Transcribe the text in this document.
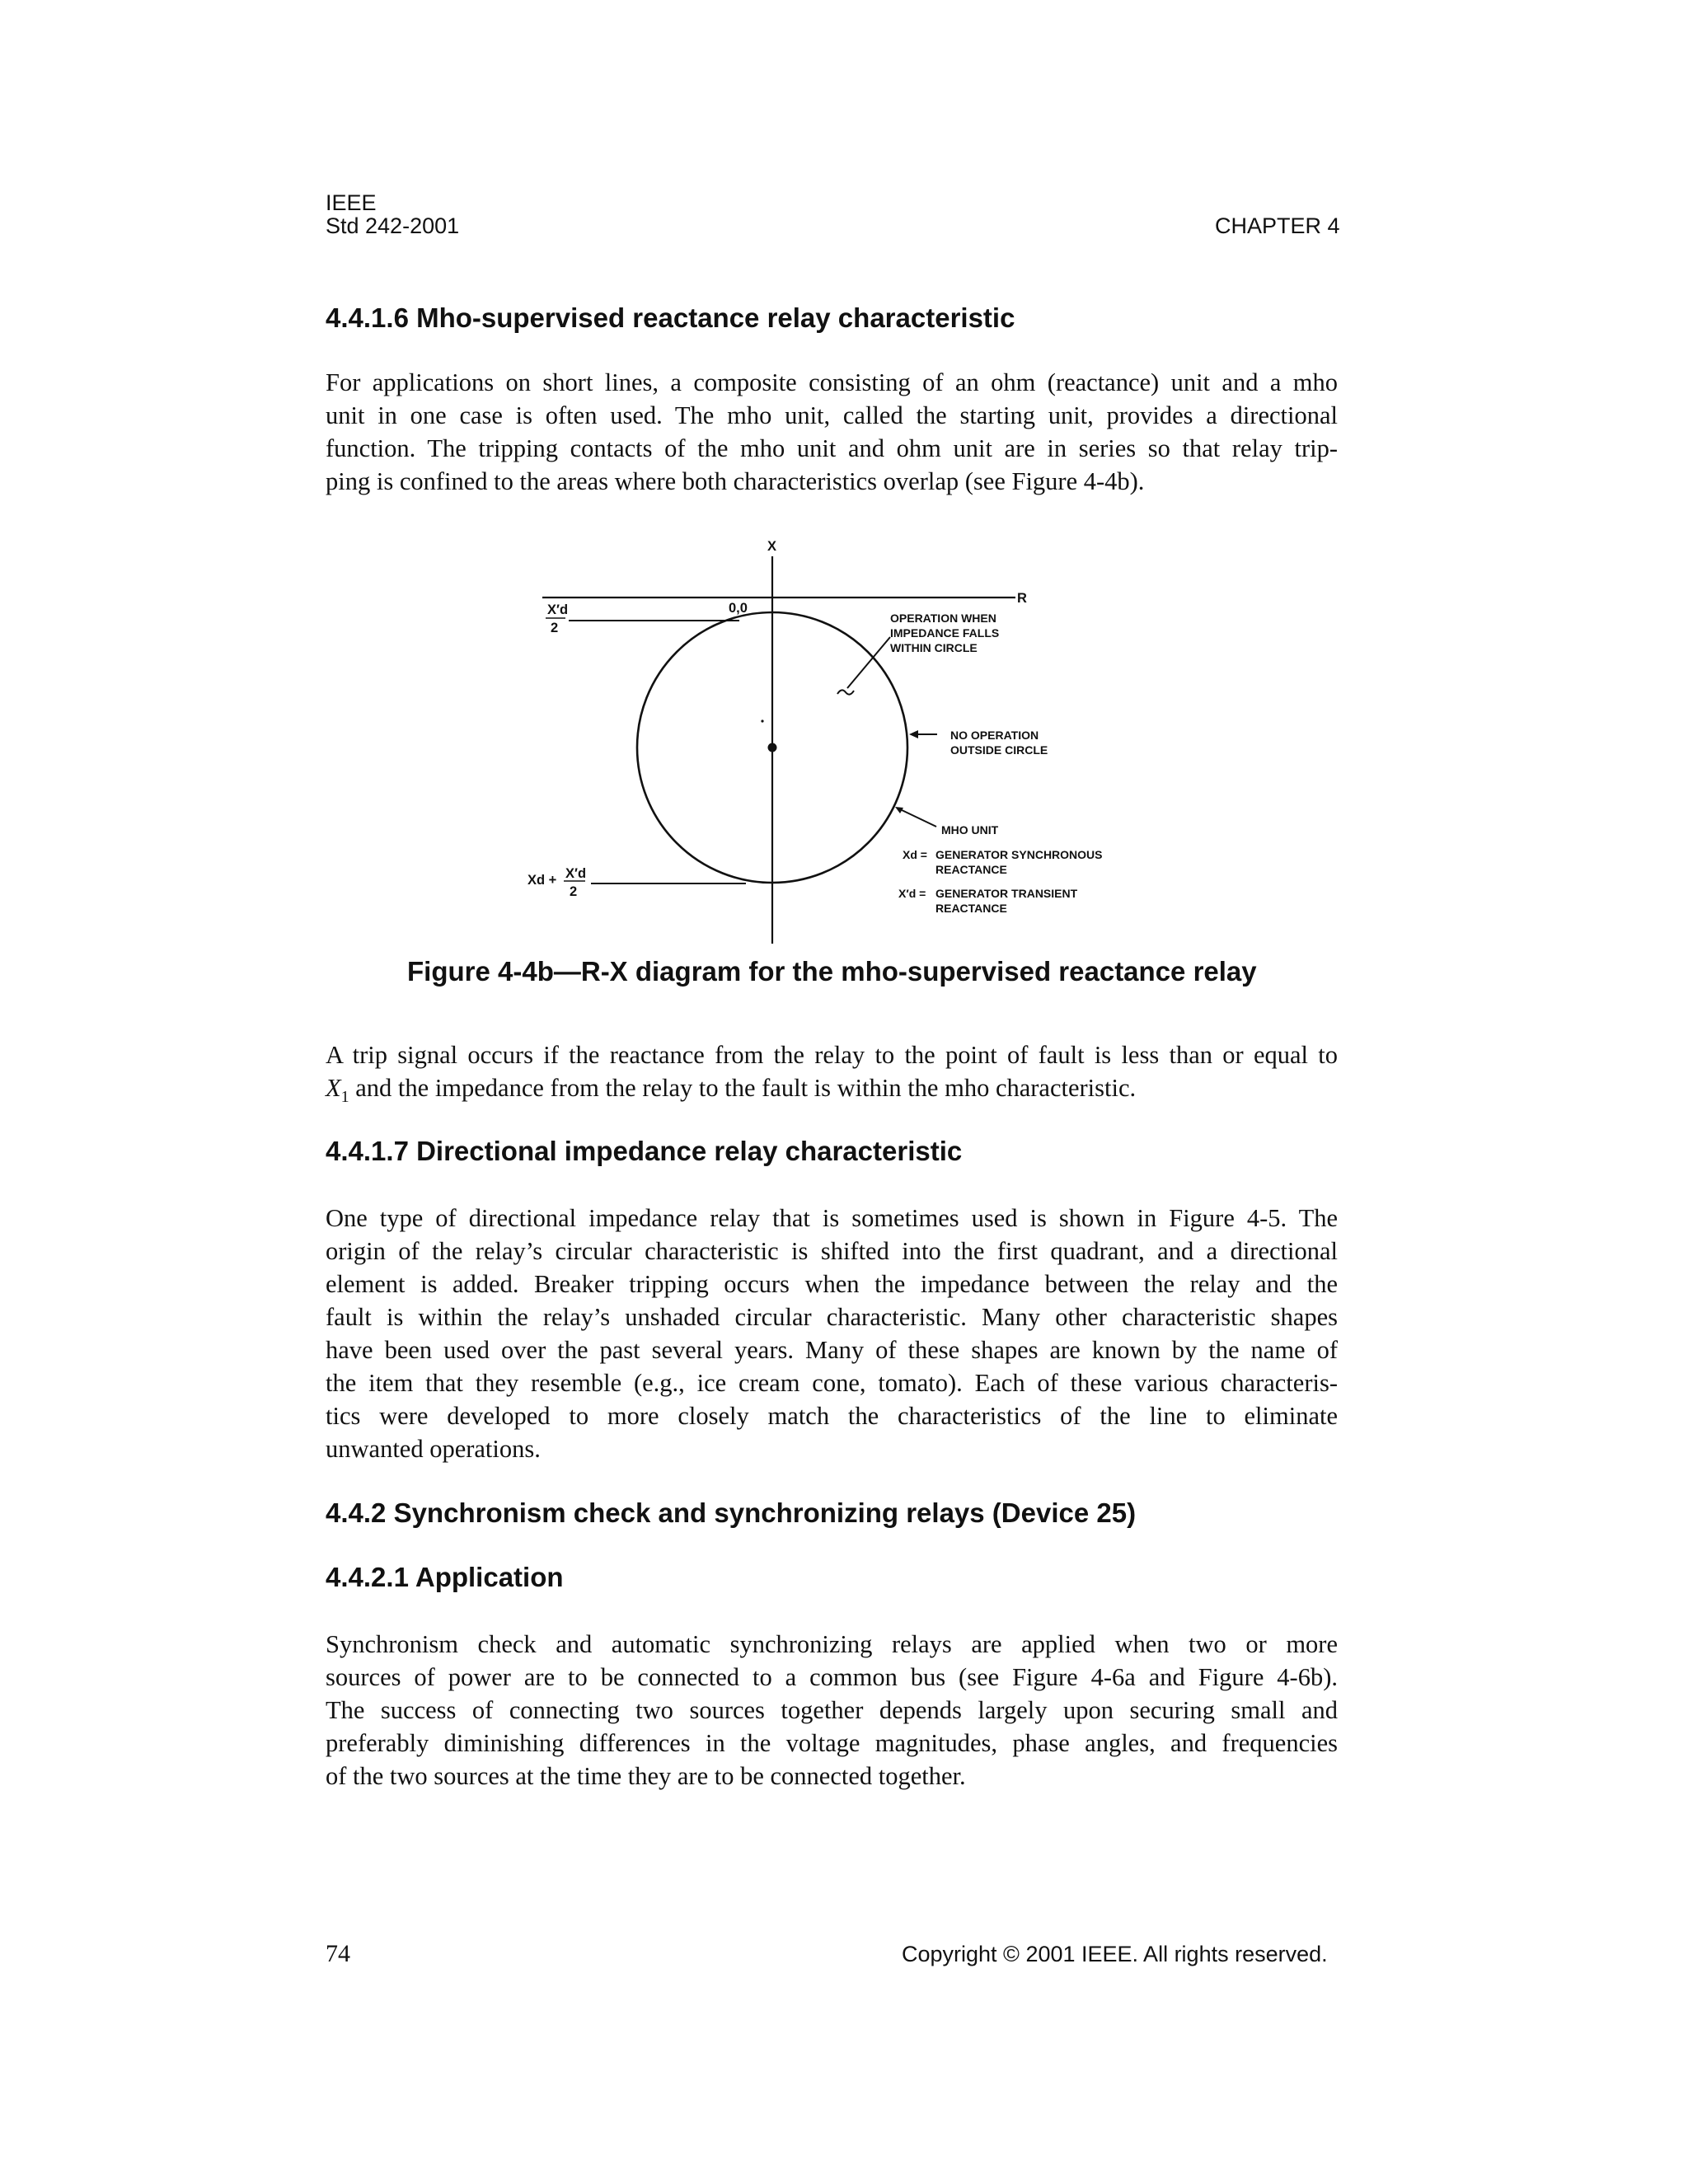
IEEE
Std 242-2001	CHAPTER 4
4.4.1.6 Mho-supervised reactance relay characteristic
For applications on short lines, a composite consisting of an ohm (reactance) unit and a mho
unit in one case is often used. The mho unit, called the starting unit, provides a directional
function. The tripping contacts of the mho unit and ohm unit are in series so that relay trip-
ping is confined to the areas where both characteristics overlap (see Figure 4-4b).
X
R
0,0
X′d
2
Xd + X′d
2
OPERATION WHEN
IMPEDANCE FALLS
WITHIN CIRCLE
NO OPERATION
OUTSIDE CIRCLE
MHO UNIT
Xd = GENERATOR SYNCHRONOUS
REACTANCE
X′d = GENERATOR TRANSIENT
REACTANCE
Figure 4-4b—R-X diagram for the mho-supervised reactance relay
A trip signal occurs if the reactance from the relay to the point of fault is less than or equal to
$X_1$ and the impedance from the relay to the fault is within the mho characteristic.
4.4.1.7 Directional impedance relay characteristic
One type of directional impedance relay that is sometimes used is shown in Figure 4-5. The
origin of the relay’s circular characteristic is shifted into the first quadrant, and a directional
element is added. Breaker tripping occurs when the impedance between the relay and the
fault is within the relay’s unshaded circular characteristic. Many other characteristic shapes
have been used over the past several years. Many of these shapes are known by the name of
the item that they resemble (e.g., ice cream cone, tomato). Each of these various characteris-
tics were developed to more closely match the characteristics of the line to eliminate
unwanted operations.
4.4.2 Synchronism check and synchronizing relays (Device 25)
4.4.2.1 Application
Synchronism check and automatic synchronizing relays are applied when two or more
sources of power are to be connected to a common bus (see Figure 4-6a and Figure 4-6b).
The success of connecting two sources together depends largely upon securing small and
preferably diminishing differences in the voltage magnitudes, phase angles, and frequencies
of the two sources at the time they are to be connected together.
74	Copyright © 2001 IEEE. All rights reserved.
